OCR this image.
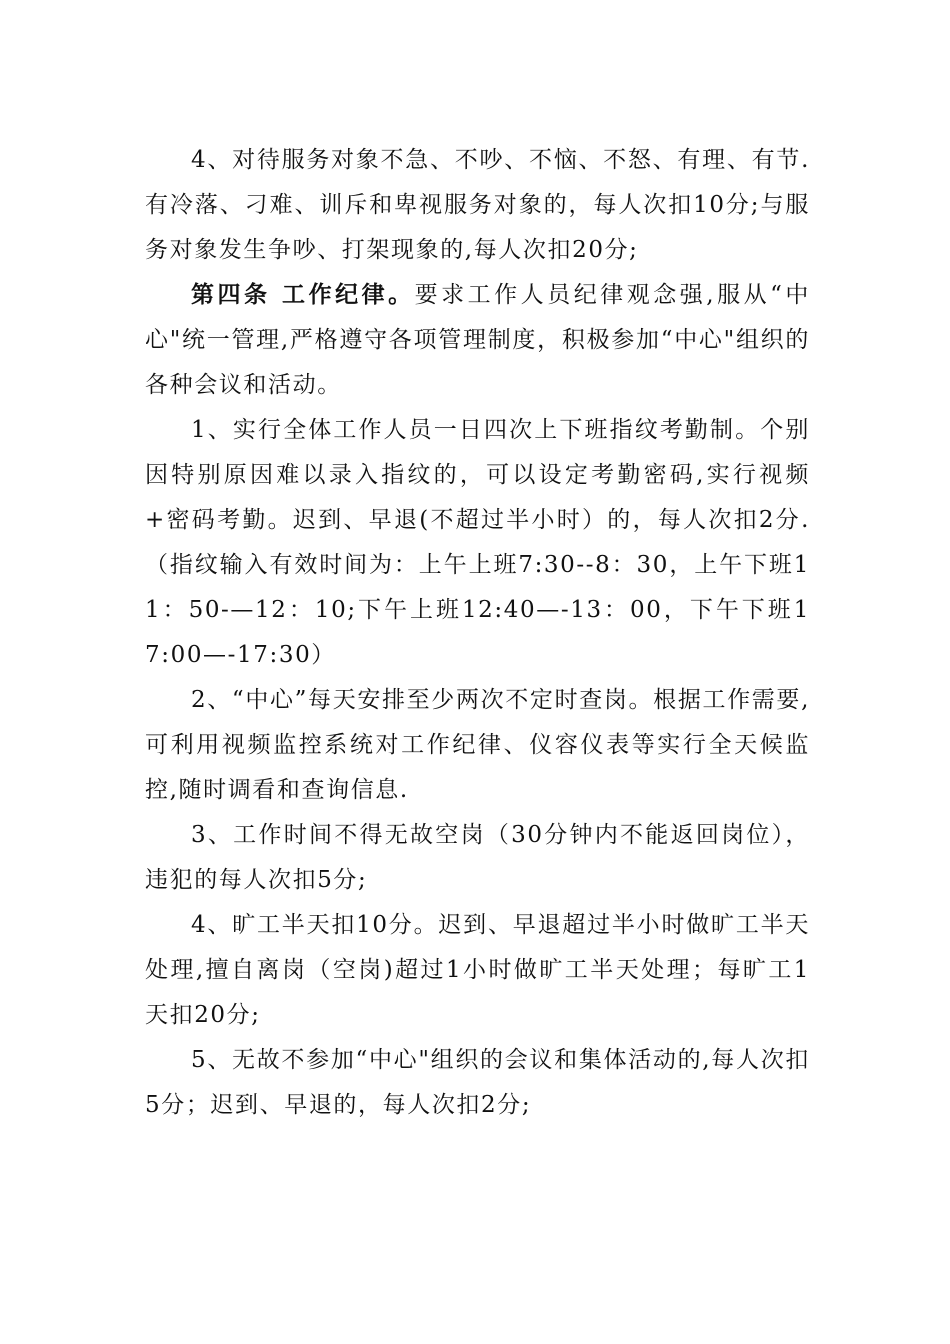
4、对待服务对象不急、不吵、不恼、不怒、有理、有节.有冷落、刁难、训斥和卑视服务对象的，每人次扣10分;与服务对象发生争吵、打架现象的,每人次扣20分;

第四条 工作纪律。要求工作人员纪律观念强,服从“中心"统一管理,严格遵守各项管理制度，积极参加“中心"组织的各种会议和活动。

1、实行全体工作人员一日四次上下班指纹考勤制。个别因特别原因难以录入指纹的，可以设定考勤密码,实行视频+密码考勤。迟到、早退(不超过半小时）的，每人次扣2分.（指纹输入有效时间为：上午上班7:30--8：30，上午下班11：50-—12：10;下午上班12:40—-13：00，下午下班17:00—-17:30）

2、“中心”每天安排至少两次不定时查岗。根据工作需要,可利用视频监控系统对工作纪律、仪容仪表等实行全天候监控,随时调看和查询信息.

3、工作时间不得无故空岗（30分钟内不能返回岗位），违犯的每人次扣5分;

4、旷工半天扣10分。迟到、早退超过半小时做旷工半天处理,擅自离岗（空岗)超过1小时做旷工半天处理；每旷工1天扣20分;

5、无故不参加“中心"组织的会议和集体活动的,每人次扣5分；迟到、早退的，每人次扣2分;
